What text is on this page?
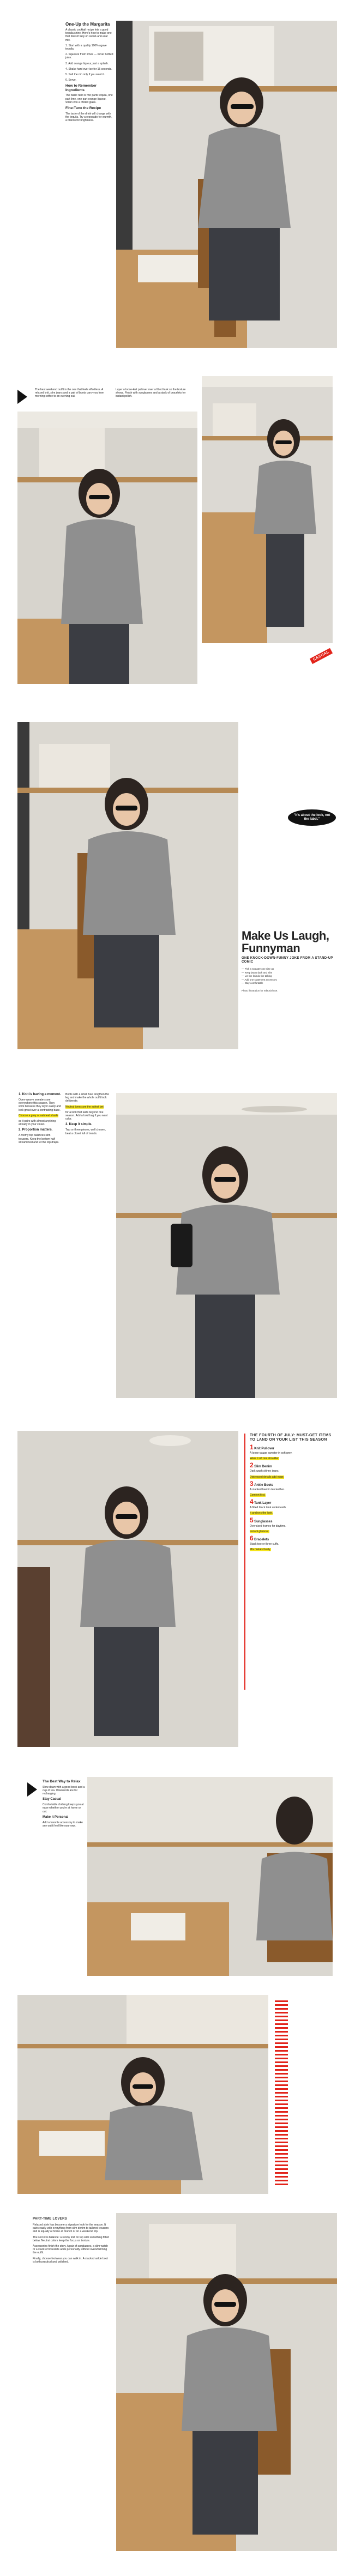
One-Up the Margarita

A classic cocktail recipe lets a good tequila shine. Here's how to make one that doesn't rely on sweet-and-sour mix.

1. Start with a quality 100% agave tequila.

2. Squeeze fresh limes — never bottled juice.

3. Add orange liqueur, just a splash.

4. Shake hard over ice for 15 seconds.

5. Salt the rim only if you want it.

6. Serve.

How to Remember Ingredients

The basic ratio is two parts tequila, one part lime, one part orange liqueur. Strain into a chilled glass.

Fine-Tune the Recipe

The taste of the drink will change with the tequila. Try a reposado for warmth, a blanco for brightness.

The best weekend outfit is the one that feels effortless. A relaxed knit, slim jeans and a pair of boots carry you from morning coffee to an evening out.

Layer a loose-knit pullover over a fitted tank so the texture shows. Finish with sunglasses and a stack of bracelets for instant polish.

CASUAL
"It's about the look, not the label."
Make Us Laugh, Funnyman
ONE KNOCK-DOWN-FUNNY JOKE FROM A STAND-UP COMIC

— Pick a sweater one size up

— Keep jeans dark and slim

— Let the knit do the talking

— Add one statement accessory

— Stay comfortable

Photo illustration for editorial use.
1. Knit is having a moment.

Open-weave sweaters are everywhere this season. They work because they layer easily and look great over a contrasting base.

Choose a grey or oatmeal shade

so it pairs with almost anything already in your closet.

2. Proportion matters.

A roomy top balances slim trousers. Keep the bottom half streamlined and let the top drape.

Boots with a small heel lengthen the leg and make the whole outfit look deliberate.

Neutral tones are the safest bet

for a look that lasts beyond one season. Add a bold bag if you want color.

3. Keep it simple.

Two or three pieces, well chosen, beat a closet full of trends.

THE FOURTH OF JULY: MUST-GET ITEMS TO LAND ON YOUR LIST THIS SEASON
1 Knit Pullover

A loose-gauge sweater in soft grey.

Wear it off one shoulder.
2 Slim Denim

Dark wash skinny jeans.

Distressed details add edge.
3 Ankle Boots

A stacked heel in tan leather.

Comfort first.
4 Tank Layer

A fitted black tank underneath.

It anchors the look.
5 Sunglasses

Oversized frames for daytime.

Instant glamour.
6 Bracelets

Stack two or three cuffs.

Mix metals freely.
The Best Way to Relax

Slow down with a good book and a cup of tea. Weekends are for recharging.

Stay Casual

Comfortable clothing keeps you at ease whether you're at home or out.

Make It Personal

Add a favorite accessory to make any outfit feel like your own.

PART-TIME LOVERS

Relaxed style has become a signature look for the season. It pairs easily with everything from slim denim to tailored trousers and is equally at home at brunch or on a weekend trip.

The secret is balance: a roomy knit on top with something fitted below. Neutral colors keep the focus on texture.

Accessories finish the story. A pair of sunglasses, a slim watch or a stack of bracelets adds personality without overwhelming the outfit.

Finally, choose footwear you can walk in. A stacked ankle boot is both practical and polished.
